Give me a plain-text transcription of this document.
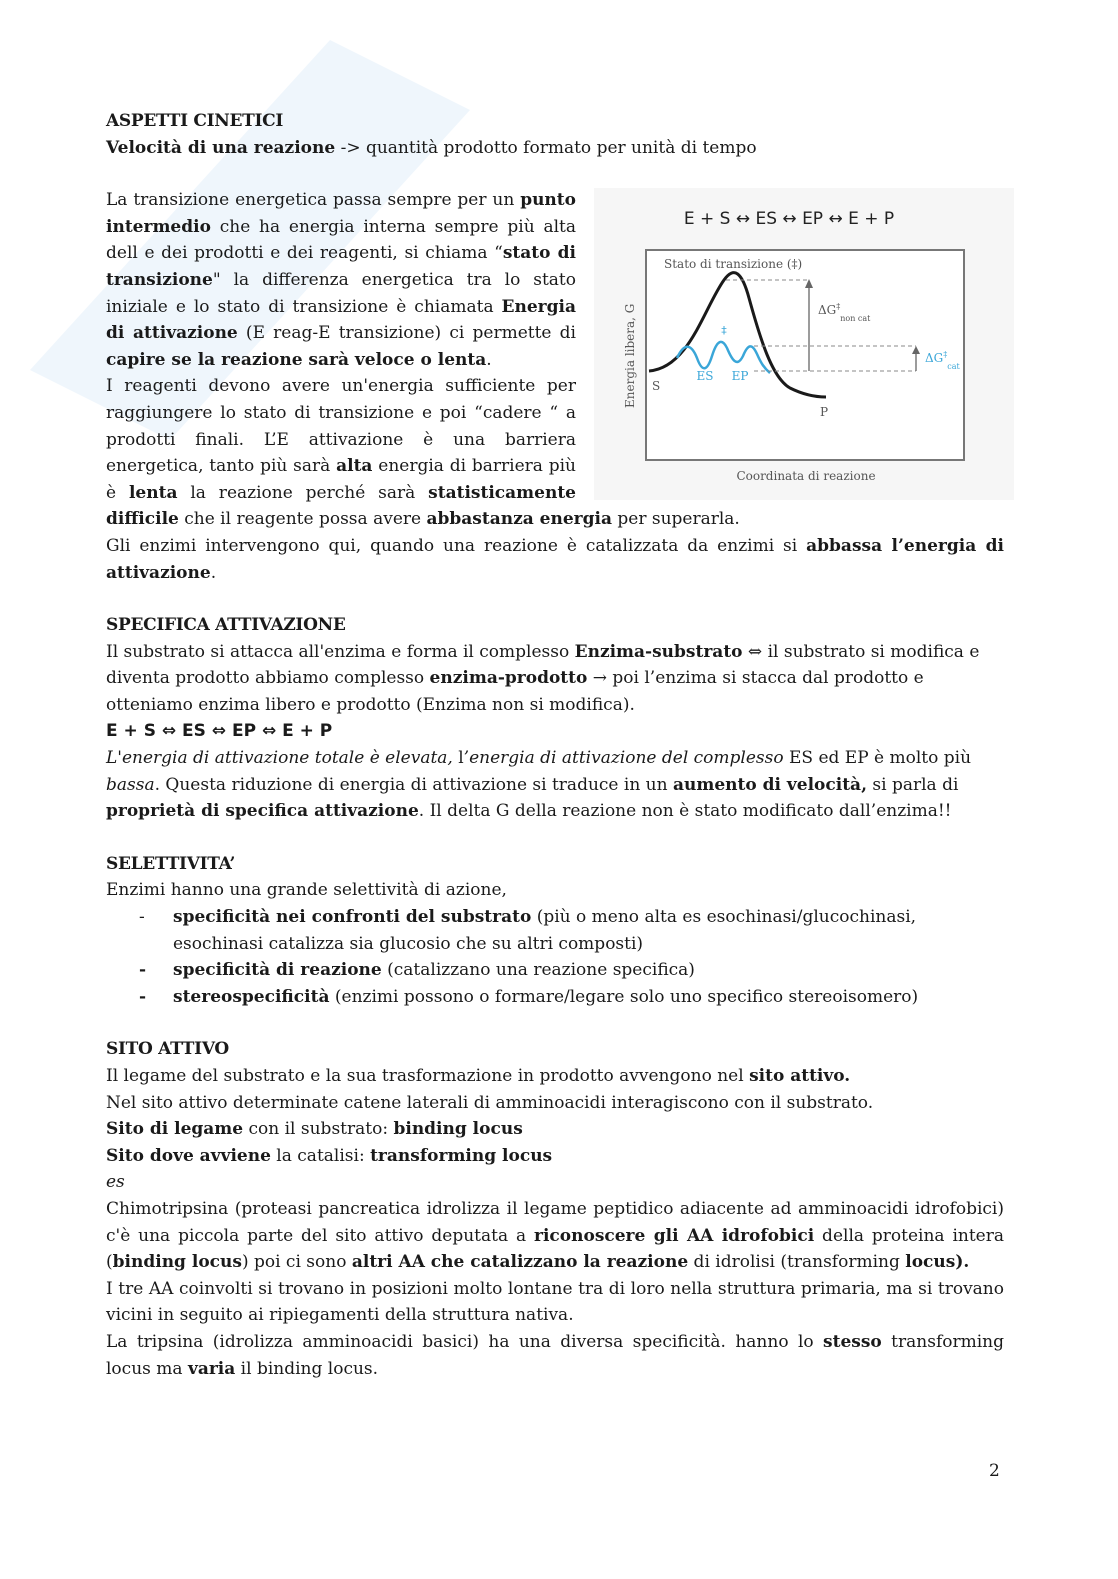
ASPETTI CINETICI

Velocità di una reazione -> quantità prodotto formato per unità di tempo

E + S ↔ ES ↔ EP ↔ E + P
Stato di transizione (‡)
Energia libera, G
Coordinata di reazione
‡
ES EP
S
P
$\Delta G^\ddagger_{non cat}$
$\Delta G^\ddagger_{cat}$

La transizione energetica passa sempre per un punto intermedio che ha energia interna sempre più alta dell e dei prodotti e dei reagenti, si chiama “stato di transizione" la differenza energetica tra lo stato iniziale e lo stato di transizione è chiamata Energia di attivazione (E reag-E transizione) ci permette di capire se la reazione sarà veloce o lenta.

I reagenti devono avere un'energia sufficiente per raggiungere lo stato di transizione e poi “cadere “ a prodotti finali. L’E attivazione è una barriera energetica, tanto più sarà alta energia di barriera più è lenta la reazione perché sarà statisticamente difficile che il reagente possa avere abbastanza energia per superarla.

Gli enzimi intervengono qui, quando una reazione è catalizzata da enzimi si abbassa l’energia di attivazione.

SPECIFICA ATTIVAZIONE

Il substrato si attacca all'enzima e forma il complesso Enzima-substrato ⇔ il substrato si modifica e diventa prodotto abbiamo complesso enzima-prodotto → poi l’enzima si stacca dal prodotto e otteniamo enzima libero e prodotto (Enzima non si modifica).

E + S ⇔ ES ⇔ EP ⇔ E + P

L'energia di attivazione totale è elevata, l’energia di attivazione del complesso ES ed EP è molto più bassa. Questa riduzione di energia di attivazione si traduce in un aumento di velocità, si parla di proprietà di specifica attivazione. Il delta G della reazione non è stato modificato dall’enzima!!

SELETTIVITA’

Enzimi hanno una grande selettività di azione,

- specificità nei confronti del substrato (più o meno alta es esochinasi/glucochinasi, esochinasi catalizza sia glucosio che su altri composti)
- specificità di reazione (catalizzano una reazione specifica)
- stereospecificità (enzimi possono o formare/legare solo uno specifico stereoisomero)

SITO ATTIVO

Il legame del substrato e la sua trasformazione in prodotto avvengono nel sito attivo.

Nel sito attivo determinate catene laterali di amminoacidi interagiscono con il substrato.

Sito di legame con il substrato: binding locus

Sito dove avviene la catalisi: transforming locus

es

Chimotripsina (proteasi pancreatica idrolizza il legame peptidico adiacente ad amminoacidi idrofobici) c'è una piccola parte del sito attivo deputata a riconoscere gli AA idrofobici della proteina intera (binding locus) poi ci sono altri AA che catalizzano la reazione di idrolisi (transforming locus).

I tre AA coinvolti si trovano in posizioni molto lontane tra di loro nella struttura primaria, ma si trovano vicini in seguito ai ripiegamenti della struttura nativa.

La tripsina (idrolizza amminoacidi basici) ha una diversa specificità. hanno lo stesso transforming locus ma varia il binding locus.

2
